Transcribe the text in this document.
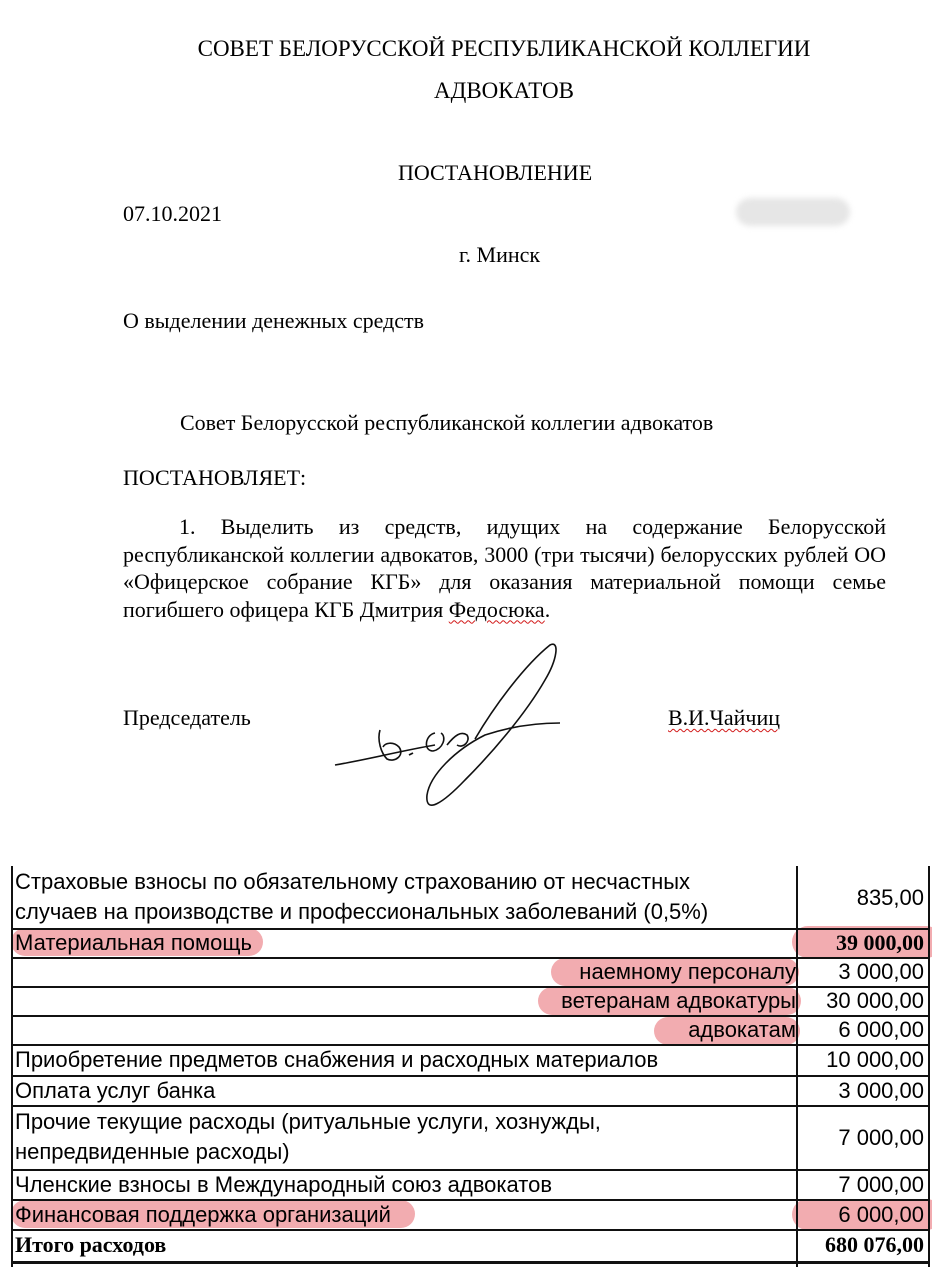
СОВЕТ БЕЛОРУССКОЙ РЕСПУБЛИКАНСКОЙ КОЛЛЕГИИ
АДВОКАТОВ
ПОСТАНОВЛЕНИЕ
07.10.2021
г. Минск
О выделении денежных средств
Совет Белорусской республиканской коллегии адвокатов
ПОСТАНОВЛЯЕТ:
1. Выделить из средств, идущих на содержание Белорусской республиканской коллегии адвокатов, 3000 (три тысячи) белорусских рублей ОО «Офицерское собрание КГБ» для оказания материальной помощи семье погибшего офицера КГБ Дмитрия Федосюка.
Председатель	В.И.Чайчиц
Страховые взносы по обязательному страхованию от несчастных
случаев на производстве и профессиональных заболеваний (0,5%)
835,00
Материальная помощь	39 000,00
наемному персоналу 3 000,00
ветеранам адвокатуры 30 000,00
адвокатам 6 000,00
Приобретение предметов снабжения и расходных материалов	10 000,00
Оплата услуг банка	3 000,00
Прочие текущие расходы (ритуальные услуги, хознужды,
непредвиденные расходы)
7 000,00
Членские взносы в Международный союз адвокатов	7 000,00
Финансовая поддержка организаций	6 000,00
Итого расходов	680 076,00
